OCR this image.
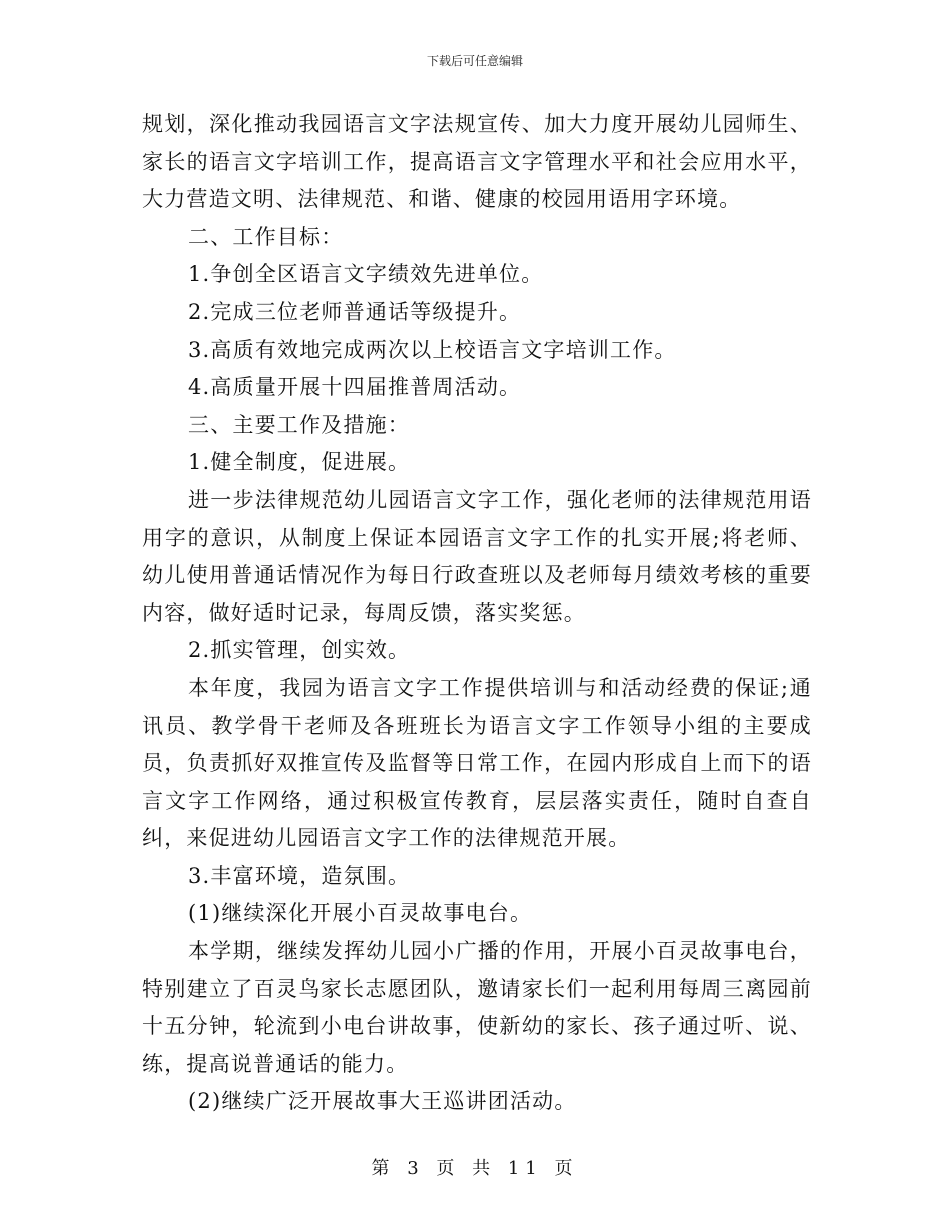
下载后可任意编辑

规划，深化推动我园语言文字法规宣传、加大力度开展幼儿园师生、家长的语言文字培训工作，提高语言文字管理水平和社会应用水平，大力营造文明、法律规范、和谐、健康的校园用语用字环境。

二、工作目标：

1.争创全区语言文字绩效先进单位。

2.完成三位老师普通话等级提升。

3.高质有效地完成两次以上校语言文字培训工作。

4.高质量开展十四届推普周活动。

三、主要工作及措施：

1.健全制度，促进展。

进一步法律规范幼儿园语言文字工作，强化老师的法律规范用语用字的意识，从制度上保证本园语言文字工作的扎实开展;将老师、幼儿使用普通话情况作为每日行政查班以及老师每月绩效考核的重要内容，做好适时记录，每周反馈，落实奖惩。

2.抓实管理，创实效。

本年度，我园为语言文字工作提供培训与和活动经费的保证;通讯员、教学骨干老师及各班班长为语言文字工作领导小组的主要成员，负责抓好双推宣传及监督等日常工作，在园内形成自上而下的语言文字工作网络，通过积极宣传教育，层层落实责任，随时自查自纠，来促进幼儿园语言文字工作的法律规范开展。

3.丰富环境，造氛围。

(1)继续深化开展小百灵故事电台。

本学期，继续发挥幼儿园小广播的作用，开展小百灵故事电台，特别建立了百灵鸟家长志愿团队，邀请家长们一起利用每周三离园前十五分钟，轮流到小电台讲故事，使新幼的家长、孩子通过听、说、练，提高说普通话的能力。

(2)继续广泛开展故事大王巡讲团活动。

第 3 页 共 11 页
